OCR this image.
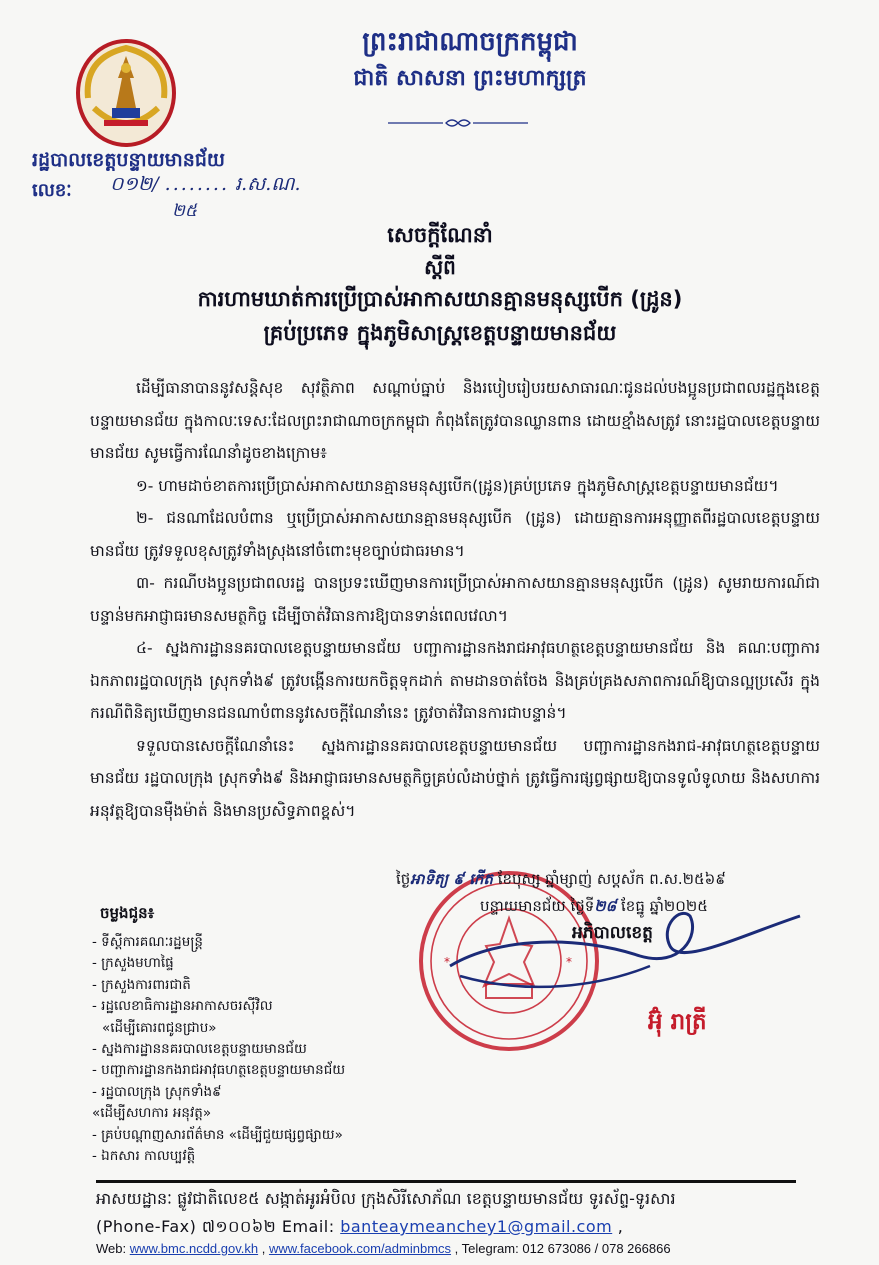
ព្រះរាជាណាចក្រកម្ពុជា
ជាតិ សាសនា ព្រះមហាក្សត្រ
រដ្ឋបាលខេត្តបន្ទាយមានជ័យ
លេខៈ ០១២/ ........ រ.ស.ណ.
២៥
សេចក្តីណែនាំ
ស្តីពី
ការហាមឃាត់ការប្រើប្រាស់អាកាសយានគ្មានមនុស្សបើក (ដ្រូន)
គ្រប់ប្រភេទ ក្នុងភូមិសាស្ត្រខេត្តបន្ទាយមានជ័យ

ដើម្បីធានាបាននូវសន្តិសុខ សុវត្ថិភាព សណ្តាប់ធ្នាប់ និងរបៀបរៀបរយសាធារណៈជូនដល់បងប្អូនប្រជាពលរដ្ឋក្នុងខេត្តបន្ទាយមានជ័យ ក្នុងកាលៈទេសៈដែលព្រះរាជាណាចក្រកម្ពុជា កំពុងតែត្រូវបានឈ្លានពាន ដោយខ្មាំងសត្រូវ នោះរដ្ឋបាលខេត្តបន្ទាយមានជ័យ សូមធ្វើការណែនាំដូចខាងក្រោម៖

១- ហាមដាច់ខាតការប្រើប្រាស់អាកាសយានគ្មានមនុស្សបើក(ដ្រូន)គ្រប់ប្រភេទ ក្នុងភូមិសាស្ត្រខេត្តបន្ទាយមានជ័យ។

២- ជនណាដែលបំពាន ឬប្រើប្រាស់អាកាសយានគ្មានមនុស្សបើក (ដ្រូន) ដោយគ្មានការអនុញ្ញាតពីរដ្ឋបាលខេត្តបន្ទាយមានជ័យ ត្រូវទទួលខុសត្រូវទាំងស្រុងនៅចំពោះមុខច្បាប់ជាធរមាន។

៣- ករណីបងប្អូនប្រជាពលរដ្ឋ បានប្រទះឃើញមានការប្រើប្រាស់អាកាសយានគ្មានមនុស្សបើក (ដ្រូន) សូមរាយការណ៍ជាបន្ទាន់មកអាជ្ញាធរមានសមត្ថកិច្ច ដើម្បីចាត់វិធានការឱ្យបានទាន់ពេលវេលា។

៤- ស្នងការដ្ឋាននគរបាលខេត្តបន្ទាយមានជ័យ បញ្ជាការដ្ឋានកងរាជអាវុធហត្ថខេត្តបន្ទាយមានជ័យ និង គណៈបញ្ជាការឯកភាពរដ្ឋបាលក្រុង ស្រុកទាំង៩ ត្រូវបង្កើនការយកចិត្តទុកដាក់ តាមដានចាត់ចែង និងគ្រប់គ្រងសភាពការណ៍ឱ្យបានល្អប្រសើរ ក្នុងករណីពិនិត្យឃើញមានជនណាបំពាននូវសេចក្តីណែនាំនេះ ត្រូវចាត់វិធានការជាបន្ទាន់។

ទទួលបានសេចក្តីណែនាំនេះ ស្នងការដ្ឋាននគរបាលខេត្តបន្ទាយមានជ័យ បញ្ជាការដ្ឋានកងរាជ-អាវុធហត្ថខេត្តបន្ទាយមានជ័យ រដ្ឋបាលក្រុង ស្រុកទាំង៩ និងអាជ្ញាធរមានសមត្ថកិច្ចគ្រប់លំដាប់ថ្នាក់ ត្រូវធ្វើការផ្សព្វផ្សាយឱ្យបានទូលំទូលាយ និងសហការអនុវត្តឱ្យបានម៉ឺងម៉ាត់ និងមានប្រសិទ្ធភាពខ្ពស់។

*	*
ថ្ងៃអាទិត្យ ៩ កើត ខែបុស្ស ឆ្នាំម្សាញ់ សប្តស័ក ព.ស.២៥៦៩
បន្ទាយមានជ័យ ថ្ងៃទី២៨ ខែធ្នូ ឆ្នាំ២០២៥
អភិបាលខេត្ត
អ៊ុំ រាត្រី
ចម្លងជូន៖
- ទីស្តីការគណៈរដ្ឋមន្ត្រី
- ក្រសួងមហាផ្ទៃ
- ក្រសួងការពារជាតិ
- រដ្ឋលេខាធិការដ្ឋានអាកាសចរស៊ីវិល
«ដើម្បីគោរពជូនជ្រាប»
- ស្នងការដ្ឋាននគរបាលខេត្តបន្ទាយមានជ័យ
- បញ្ជាការដ្ឋានកងរាជអាវុធហត្ថខេត្តបន្ទាយមានជ័យ
- រដ្ឋបាលក្រុង ស្រុកទាំង៩
«ដើម្បីសហការ អនុវត្ត»
- គ្រប់បណ្តាញសារព័ត៌មាន «ដើម្បីជួយផ្សព្វផ្សាយ»
- ឯកសារ កាលប្បវត្តិ
អាសយដ្ឋានៈ ផ្លូវជាតិលេខ៥ សង្កាត់អូរអំបិល ក្រុងសិរីសោភ័ណ ខេត្តបន្ទាយមានជ័យ ទូរស័ព្ទ-ទូរសារ
(Phone-Fax) ៧១០០៦២ Email: banteaymeanchey1@gmail.com ,
Web: www.bmc.ncdd.gov.kh , www.facebook.com/adminbmcs , Telegram: 012 673086 / 078 266866
